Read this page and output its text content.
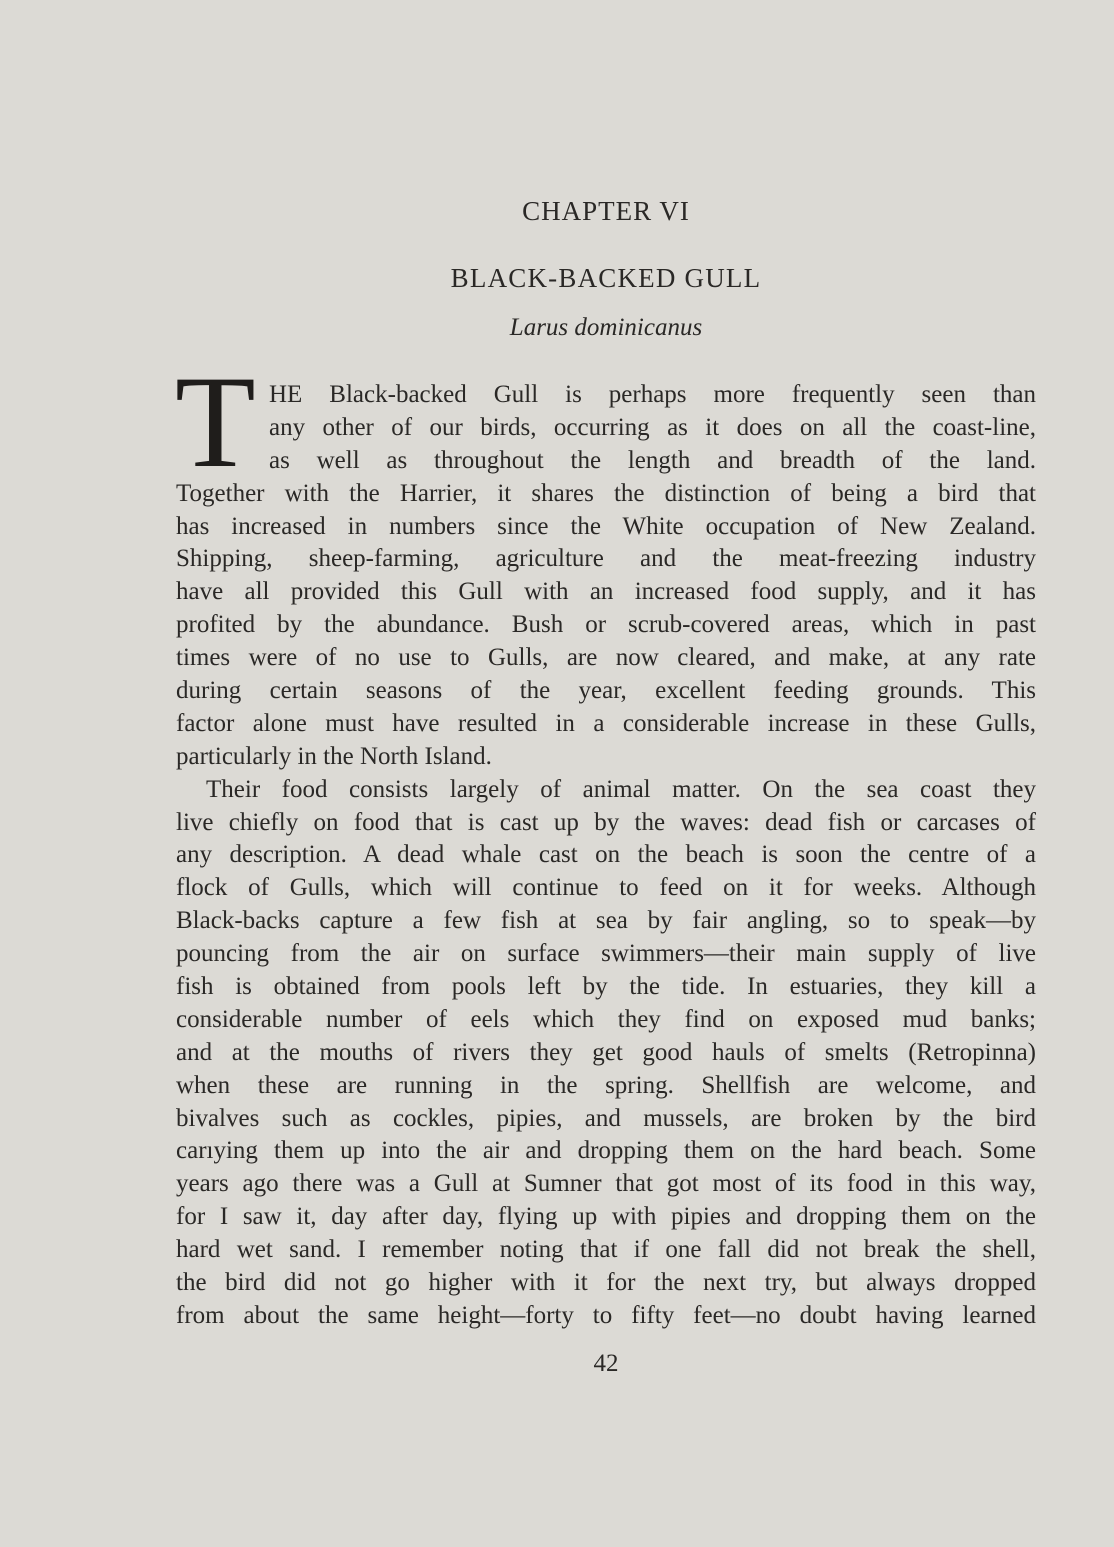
CHAPTER VI
BLACK-BACKED GULL
Larus dominicanus
T HE Black-backed Gull is perhaps more frequently seen than
any other of our birds, occurring as it does on all the coast-line,
as well as throughout the length and breadth of the land.
Together with the Harrier, it shares the distinction of being a bird that
has increased in numbers since the White occupation of New Zealand.
Shipping, sheep-farming, agriculture and the meat-freezing industry
have all provided this Gull with an increased food supply, and it has
profited by the abundance. Bush or scrub-covered areas, which in past
times were of no use to Gulls, are now cleared, and make, at any rate
during certain seasons of the year, excellent feeding grounds. This
factor alone must have resulted in a considerable increase in these Gulls,
particularly in the North Island.
Their food consists largely of animal matter. On the sea coast they
live chiefly on food that is cast up by the waves: dead fish or carcases of
any description. A dead whale cast on the beach is soon the centre of a
flock of Gulls, which will continue to feed on it for weeks. Although
Black-backs capture a few fish at sea by fair angling, so to speak—by
pouncing from the air on surface swimmers—their main supply of live
fish is obtained from pools left by the tide. In estuaries, they kill a
considerable number of eels which they find on exposed mud banks;
and at the mouths of rivers they get good hauls of smelts (Retropinna)
when these are running in the spring. Shellfish are welcome, and
bivalves such as cockles, pipies, and mussels, are broken by the bird
carıying them up into the air and dropping them on the hard beach. Some
years ago there was a Gull at Sumner that got most of its food in this way,
for I saw it, day after day, flying up with pipies and dropping them on the
hard wet sand. I remember noting that if one fall did not break the shell,
the bird did not go higher with it for the next try, but always dropped
from about the same height—forty to fifty feet—no doubt having learned
42
